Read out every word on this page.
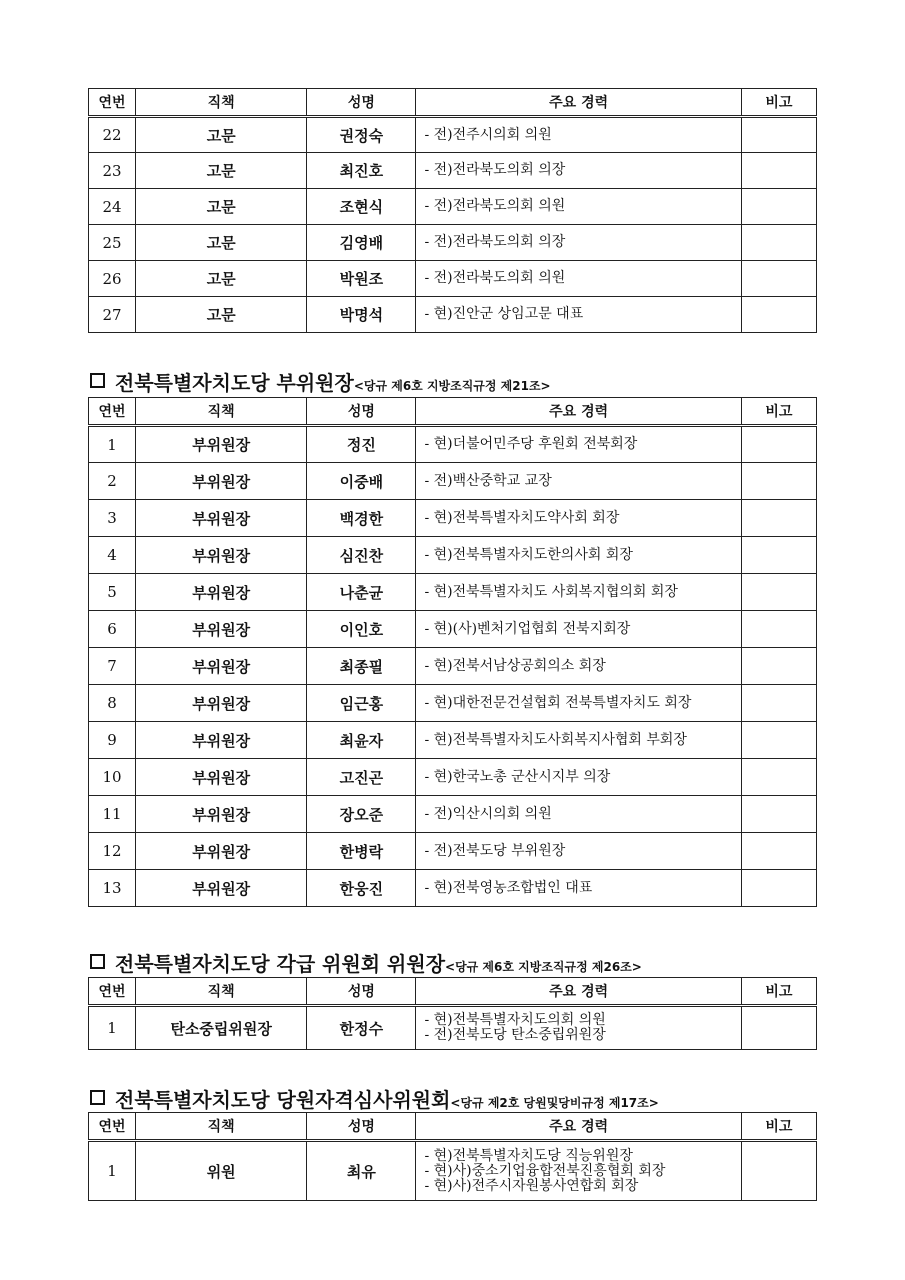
연번	직책	성명	주요 경력	비고
22	고문	권정숙	- 전)전주시의회 의원	

23	고문	최진호	- 전)전라북도의회 의장	

24	고문	조현식	- 전)전라북도의회 의원	

25	고문	김영배	- 전)전라북도의회 의장	

26	고문	박원조	- 전)전라북도의회 의원	

27	고문	박명석	- 현)진안군 상임고문 대표	

전북특별자치도당 부위원장<당규 제6호 지방조직규정 제21조>
연번	직책	성명	주요 경력	비고
1	부위원장	정진	- 현)더불어민주당 후원회 전북회장	

2	부위원장	이중배	- 전)백산중학교 교장	

3	부위원장	백경한	- 현)전북특별자치도약사회 회장	

4	부위원장	심진찬	- 현)전북특별자치도한의사회 회장	

5	부위원장	나춘균	- 현)전북특별자치도 사회복지협의회 회장	

6	부위원장	이인호	- 현)(사)벤처기업협회 전북지회장	

7	부위원장	최종필	- 현)전북서남상공회의소 회장	

8	부위원장	임근홍	- 현)대한전문건설협회 전북특별자치도 회장	

9	부위원장	최윤자	- 현)전북특별자치도사회복지사협회 부회장	

10	부위원장	고진곤	- 현)한국노총 군산시지부 의장	

11	부위원장	장오준	- 전)익산시의회 의원	

12	부위원장	한병락	- 전)전북도당 부위원장	

13	부위원장	한웅진	- 현)전북영농조합법인 대표	

전북특별자치도당 각급 위원회 위원장<당규 제6호 지방조직규정 제26조>
연번	직책	성명	주요 경력	비고
1	탄소중립위원장	한정수	- 현)전북특별자치도의회 의원
- 전)전북도당 탄소중립위원장	

전북특별자치도당 당원자격심사위원회<당규 제2호 당원및당비규정 제17조>
연번	직책	성명	주요 경력	비고
1	위원	최유	- 현)전북특별자치도당 직능위원장
- 현)사)중소기업융합전북진흥협회 회장
- 현)사)전주시자원봉사연합회 회장	
